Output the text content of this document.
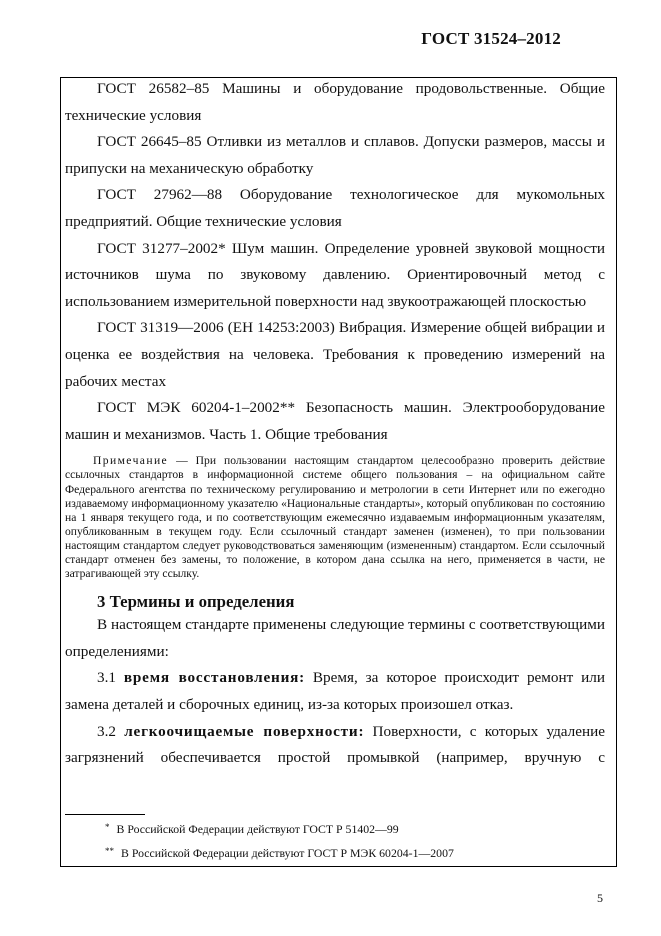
ГОСТ 31524–2012

ГОСТ 26582–85 Машины и оборудование продовольственные. Общие технические условия

ГОСТ 26645–85 Отливки из металлов и сплавов. Допуски размеров, массы и припуски на механическую обработку

ГОСТ 27962—88 Оборудование технологическое для мукомольных предприятий. Общие технические условия

ГОСТ 31277–2002* Шум машин. Определение уровней звуковой мощности источников шума по звуковому давлению. Ориентировочный метод с использованием измерительной поверхности над звукоотражающей плоскостью

ГОСТ 31319—2006 (ЕН 14253:2003) Вибрация. Измерение общей вибрации и оценка ее воздействия на человека. Требования к проведению измерений на рабочих местах

ГОСТ МЭК 60204-1–2002** Безопасность машин. Электрооборудование машин и механизмов. Часть 1. Общие требования

Примечание — При пользовании настоящим стандартом целесообразно проверить действие ссылочных стандартов в информационной системе общего пользования – на официальном сайте Федерального агентства по техническому регулированию и метрологии в сети Интернет или по ежегодно издаваемому информационному указателю «Национальные стандарты», который опубликован по состоянию на 1 января текущего года, и по соответствующим ежемесячно издаваемым информационным указателям, опубликованным в текущем году. Если ссылочный стандарт заменен (изменен), то при пользовании настоящим стандартом следует руководствоваться заменяющим (измененным) стандартом. Если ссылочный стандарт отменен без замены, то положение, в котором дана ссылка на него, применяется в части, не затрагивающей эту ссылку.

3 Термины и определения

В настоящем стандарте применены следующие термины с соответствующими определениями:

3.1 время восстановления: Время, за которое происходит ремонт или замена деталей и сборочных единиц, из-за которых произошел отказ.

3.2 легкоочищаемые поверхности: Поверхности, с которых удаление загрязнений обеспечивается простой промывкой (например, вручную с

* В Российской Федерации действуют ГОСТ Р 51402—99
** В Российской Федерации действуют ГОСТ Р МЭК 60204-1—2007
5
